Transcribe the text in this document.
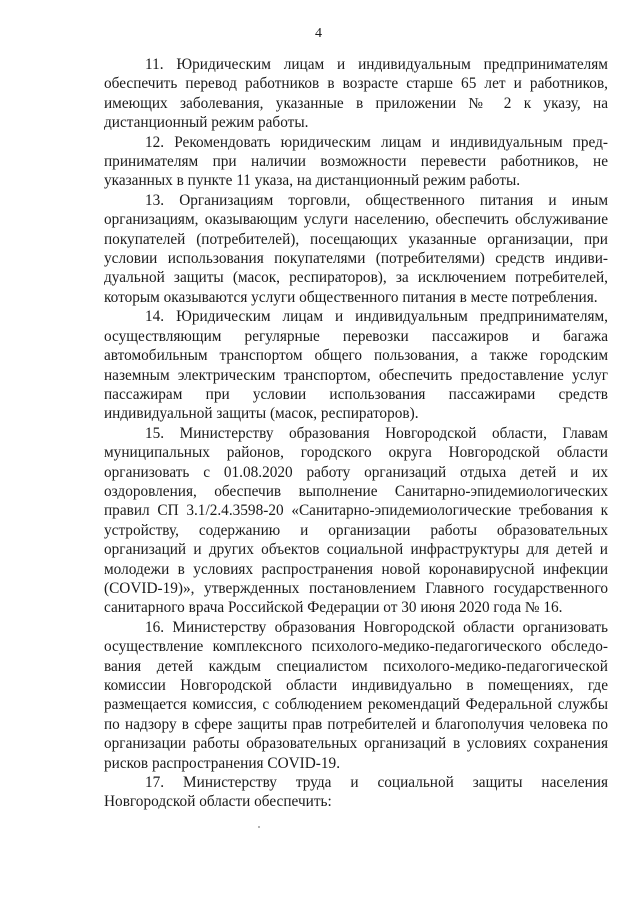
4

11. Юридическим лицам и индивидуальным предпринимателям обеспечить перевод работников в возрасте старше 65 лет и работников, имеющих заболевания, указанные в приложении № 2 к указу, на дистанционный режим работы.

12. Рекомендовать юридическим лицам и индивидуальным предпринимателям при наличии возможности перевести работников, не указанных в пункте 11 указа, на дистанционный режим работы.

13. Организациям торговли, общественного питания и иным организациям, оказывающим услуги населению, обеспечить обслуживание покупателей (потребителей), посещающих указанные организации, при условии использования покупателями (потребителями) средств индивидуальной защиты (масок, респираторов), за исключением потребителей, которым оказываются услуги общественного питания в месте потребления.

14. Юридическим лицам и индивидуальным предпринимателям, осуществляющим регулярные перевозки пассажиров и багажа автомобильным транспортом общего пользования, а также городским наземным электрическим транспортом, обеспечить предоставление услуг пассажирам при условии использования пассажирами средств индивидуальной защиты (масок, респираторов).

15. Министерству образования Новгородской области, Главам муниципальных районов, городского округа Новгородской области организовать с 01.08.2020 работу организаций отдыха детей и их оздоровления, обеспечив выполнение Санитарно-эпидемиологических правил СП 3.1/2.4.3598-20 «Санитарно-эпидемиологические требования к устройству, содержанию и организации работы образовательных организаций и других объектов социальной инфраструктуры для детей и молодежи в условиях распространения новой коронавирусной инфекции (COVID-19)», утвержденных постановлением Главного государственного санитарного врача Российской Федерации от 30 июня 2020 года № 16.

16. Министерству образования Новгородской области организовать осуществление комплексного психолого-медико-педагогического обследования детей каждым специалистом психолого-медико-педагогической комиссии Новгородской области индивидуально в помещениях, где размещается комиссия, с соблюдением рекомендаций Федеральной службы по надзору в сфере защиты прав потребителей и благополучия человека по организации работы образовательных организаций в условиях сохранения рисков распространения COVID-19.

17. Министерству труда и социальной защиты населения Новгородской области обеспечить:
